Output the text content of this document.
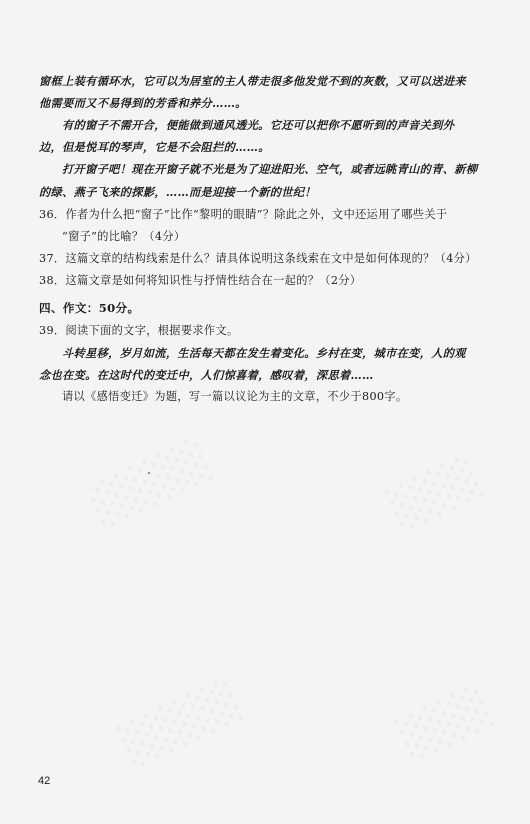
窗框上装有循环水，它可以为居室的主人带走很多他发觉不到的灰数，又可以送进来
他需要而又不易得到的芳香和养分……。
有的窗子不需开合，便能做到通风透光。它还可以把你不愿听到的声音关到外
边，但是悦耳的琴声，它是不会阻拦的……。
打开窗子吧！现在开窗子就不光是为了迎进阳光、空气，或者远眺青山的青、新柳
的绿、燕子飞来的探影，……而是迎接一个新的世纪！
36．作者为什么把“窗子”比作“黎明的眼睛”？除此之外，文中还运用了哪些关于
“窗子”的比喻？（4分）
37．这篇文章的结构线索是什么？请具体说明这条线索在文中是如何体现的？（4分）
38．这篇文章是如何将知识性与抒情性结合在一起的？（2分）
四、作文：50分。
39．阅读下面的文字，根据要求作文。
斗转星移，岁月如流，生活每天都在发生着变化。乡村在变，城市在变，人的观
念也在变。在这时代的变迁中，人们惊喜着，感叹着，深思着……
请以《感悟变迁》为题，写一篇以议论为主的文章，不少于800字。
42
